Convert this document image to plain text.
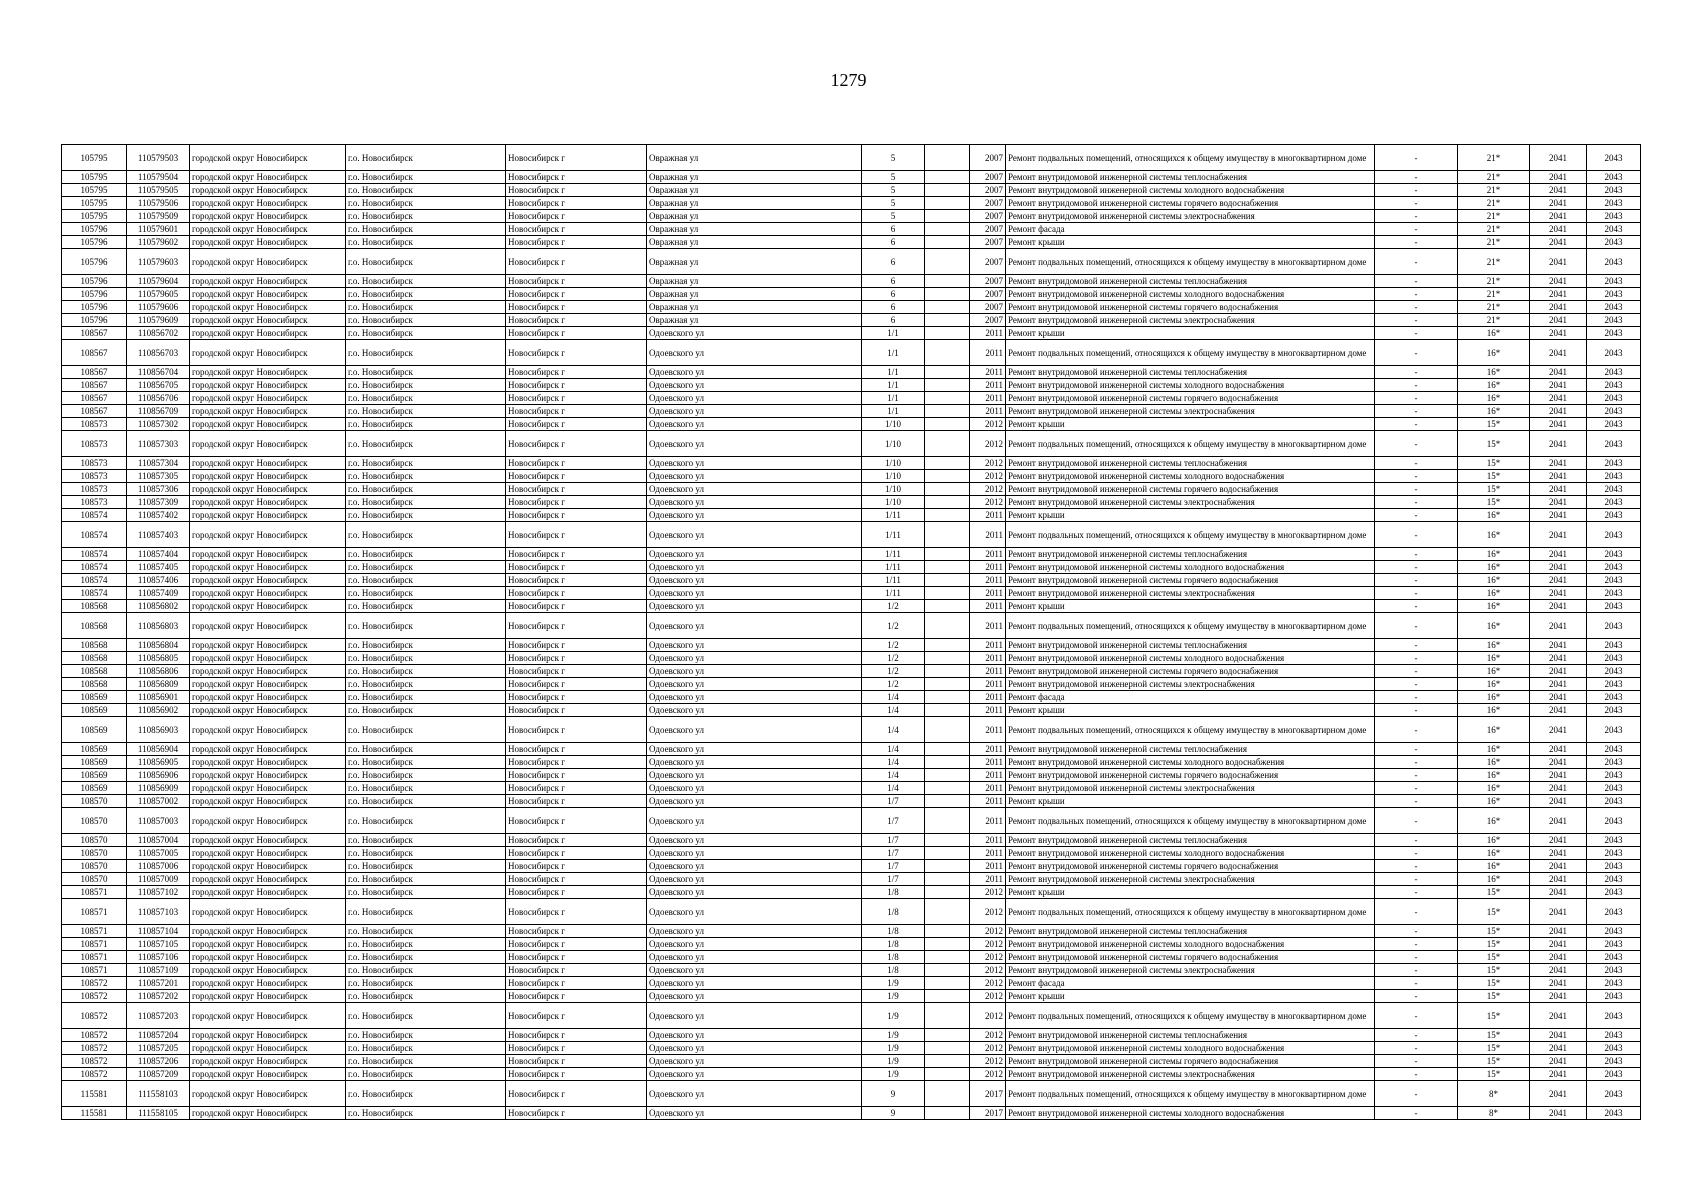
1279
105795	110579503	городской округ Новосибирск	г.о. Новосибирск	Новосибирск г	Овражная ул	5		2007	Ремонт подвальных помещений, относящихся к общему имуществу в многоквартирном доме	-	21*	2041	2043
105795	110579504	городской округ Новосибирск	г.о. Новосибирск	Новосибирск г	Овражная ул	5		2007	Ремонт внутридомовой инженерной системы теплоснабжения	-	21*	2041	2043
105795	110579505	городской округ Новосибирск	г.о. Новосибирск	Новосибирск г	Овражная ул	5		2007	Ремонт внутридомовой инженерной системы холодного водоснабжения	-	21*	2041	2043
105795	110579506	городской округ Новосибирск	г.о. Новосибирск	Новосибирск г	Овражная ул	5		2007	Ремонт внутридомовой инженерной системы горячего водоснабжения	-	21*	2041	2043
105795	110579509	городской округ Новосибирск	г.о. Новосибирск	Новосибирск г	Овражная ул	5		2007	Ремонт внутридомовой инженерной системы электроснабжения	-	21*	2041	2043
105796	110579601	городской округ Новосибирск	г.о. Новосибирск	Новосибирск г	Овражная ул	6		2007	Ремонт фасада	-	21*	2041	2043
105796	110579602	городской округ Новосибирск	г.о. Новосибирск	Новосибирск г	Овражная ул	6		2007	Ремонт крыши	-	21*	2041	2043
105796	110579603	городской округ Новосибирск	г.о. Новосибирск	Новосибирск г	Овражная ул	6		2007	Ремонт подвальных помещений, относящихся к общему имуществу в многоквартирном доме	-	21*	2041	2043
105796	110579604	городской округ Новосибирск	г.о. Новосибирск	Новосибирск г	Овражная ул	6		2007	Ремонт внутридомовой инженерной системы теплоснабжения	-	21*	2041	2043
105796	110579605	городской округ Новосибирск	г.о. Новосибирск	Новосибирск г	Овражная ул	6		2007	Ремонт внутридомовой инженерной системы холодного водоснабжения	-	21*	2041	2043
105796	110579606	городской округ Новосибирск	г.о. Новосибирск	Новосибирск г	Овражная ул	6		2007	Ремонт внутридомовой инженерной системы горячего водоснабжения	-	21*	2041	2043
105796	110579609	городской округ Новосибирск	г.о. Новосибирск	Новосибирск г	Овражная ул	6		2007	Ремонт внутридомовой инженерной системы электроснабжения	-	21*	2041	2043
108567	110856702	городской округ Новосибирск	г.о. Новосибирск	Новосибирск г	Одоевского ул	1/1		2011	Ремонт крыши	-	16*	2041	2043
108567	110856703	городской округ Новосибирск	г.о. Новосибирск	Новосибирск г	Одоевского ул	1/1		2011	Ремонт подвальных помещений, относящихся к общему имуществу в многоквартирном доме	-	16*	2041	2043
108567	110856704	городской округ Новосибирск	г.о. Новосибирск	Новосибирск г	Одоевского ул	1/1		2011	Ремонт внутридомовой инженерной системы теплоснабжения	-	16*	2041	2043
108567	110856705	городской округ Новосибирск	г.о. Новосибирск	Новосибирск г	Одоевского ул	1/1		2011	Ремонт внутридомовой инженерной системы холодного водоснабжения	-	16*	2041	2043
108567	110856706	городской округ Новосибирск	г.о. Новосибирск	Новосибирск г	Одоевского ул	1/1		2011	Ремонт внутридомовой инженерной системы горячего водоснабжения	-	16*	2041	2043
108567	110856709	городской округ Новосибирск	г.о. Новосибирск	Новосибирск г	Одоевского ул	1/1		2011	Ремонт внутридомовой инженерной системы электроснабжения	-	16*	2041	2043
108573	110857302	городской округ Новосибирск	г.о. Новосибирск	Новосибирск г	Одоевского ул	1/10		2012	Ремонт крыши	-	15*	2041	2043
108573	110857303	городской округ Новосибирск	г.о. Новосибирск	Новосибирск г	Одоевского ул	1/10		2012	Ремонт подвальных помещений, относящихся к общему имуществу в многоквартирном доме	-	15*	2041	2043
108573	110857304	городской округ Новосибирск	г.о. Новосибирск	Новосибирск г	Одоевского ул	1/10		2012	Ремонт внутридомовой инженерной системы теплоснабжения	-	15*	2041	2043
108573	110857305	городской округ Новосибирск	г.о. Новосибирск	Новосибирск г	Одоевского ул	1/10		2012	Ремонт внутридомовой инженерной системы холодного водоснабжения	-	15*	2041	2043
108573	110857306	городской округ Новосибирск	г.о. Новосибирск	Новосибирск г	Одоевского ул	1/10		2012	Ремонт внутридомовой инженерной системы горячего водоснабжения	-	15*	2041	2043
108573	110857309	городской округ Новосибирск	г.о. Новосибирск	Новосибирск г	Одоевского ул	1/10		2012	Ремонт внутридомовой инженерной системы электроснабжения	-	15*	2041	2043
108574	110857402	городской округ Новосибирск	г.о. Новосибирск	Новосибирск г	Одоевского ул	1/11		2011	Ремонт крыши	-	16*	2041	2043
108574	110857403	городской округ Новосибирск	г.о. Новосибирск	Новосибирск г	Одоевского ул	1/11		2011	Ремонт подвальных помещений, относящихся к общему имуществу в многоквартирном доме	-	16*	2041	2043
108574	110857404	городской округ Новосибирск	г.о. Новосибирск	Новосибирск г	Одоевского ул	1/11		2011	Ремонт внутридомовой инженерной системы теплоснабжения	-	16*	2041	2043
108574	110857405	городской округ Новосибирск	г.о. Новосибирск	Новосибирск г	Одоевского ул	1/11		2011	Ремонт внутридомовой инженерной системы холодного водоснабжения	-	16*	2041	2043
108574	110857406	городской округ Новосибирск	г.о. Новосибирск	Новосибирск г	Одоевского ул	1/11		2011	Ремонт внутридомовой инженерной системы горячего водоснабжения	-	16*	2041	2043
108574	110857409	городской округ Новосибирск	г.о. Новосибирск	Новосибирск г	Одоевского ул	1/11		2011	Ремонт внутридомовой инженерной системы электроснабжения	-	16*	2041	2043
108568	110856802	городской округ Новосибирск	г.о. Новосибирск	Новосибирск г	Одоевского ул	1/2		2011	Ремонт крыши	-	16*	2041	2043
108568	110856803	городской округ Новосибирск	г.о. Новосибирск	Новосибирск г	Одоевского ул	1/2		2011	Ремонт подвальных помещений, относящихся к общему имуществу в многоквартирном доме	-	16*	2041	2043
108568	110856804	городской округ Новосибирск	г.о. Новосибирск	Новосибирск г	Одоевского ул	1/2		2011	Ремонт внутридомовой инженерной системы теплоснабжения	-	16*	2041	2043
108568	110856805	городской округ Новосибирск	г.о. Новосибирск	Новосибирск г	Одоевского ул	1/2		2011	Ремонт внутридомовой инженерной системы холодного водоснабжения	-	16*	2041	2043
108568	110856806	городской округ Новосибирск	г.о. Новосибирск	Новосибирск г	Одоевского ул	1/2		2011	Ремонт внутридомовой инженерной системы горячего водоснабжения	-	16*	2041	2043
108568	110856809	городской округ Новосибирск	г.о. Новосибирск	Новосибирск г	Одоевского ул	1/2		2011	Ремонт внутридомовой инженерной системы электроснабжения	-	16*	2041	2043
108569	110856901	городской округ Новосибирск	г.о. Новосибирск	Новосибирск г	Одоевского ул	1/4		2011	Ремонт фасада	-	16*	2041	2043
108569	110856902	городской округ Новосибирск	г.о. Новосибирск	Новосибирск г	Одоевского ул	1/4		2011	Ремонт крыши	-	16*	2041	2043
108569	110856903	городской округ Новосибирск	г.о. Новосибирск	Новосибирск г	Одоевского ул	1/4		2011	Ремонт подвальных помещений, относящихся к общему имуществу в многоквартирном доме	-	16*	2041	2043
108569	110856904	городской округ Новосибирск	г.о. Новосибирск	Новосибирск г	Одоевского ул	1/4		2011	Ремонт внутридомовой инженерной системы теплоснабжения	-	16*	2041	2043
108569	110856905	городской округ Новосибирск	г.о. Новосибирск	Новосибирск г	Одоевского ул	1/4		2011	Ремонт внутридомовой инженерной системы холодного водоснабжения	-	16*	2041	2043
108569	110856906	городской округ Новосибирск	г.о. Новосибирск	Новосибирск г	Одоевского ул	1/4		2011	Ремонт внутридомовой инженерной системы горячего водоснабжения	-	16*	2041	2043
108569	110856909	городской округ Новосибирск	г.о. Новосибирск	Новосибирск г	Одоевского ул	1/4		2011	Ремонт внутридомовой инженерной системы электроснабжения	-	16*	2041	2043
108570	110857002	городской округ Новосибирск	г.о. Новосибирск	Новосибирск г	Одоевского ул	1/7		2011	Ремонт крыши	-	16*	2041	2043
108570	110857003	городской округ Новосибирск	г.о. Новосибирск	Новосибирск г	Одоевского ул	1/7		2011	Ремонт подвальных помещений, относящихся к общему имуществу в многоквартирном доме	-	16*	2041	2043
108570	110857004	городской округ Новосибирск	г.о. Новосибирск	Новосибирск г	Одоевского ул	1/7		2011	Ремонт внутридомовой инженерной системы теплоснабжения	-	16*	2041	2043
108570	110857005	городской округ Новосибирск	г.о. Новосибирск	Новосибирск г	Одоевского ул	1/7		2011	Ремонт внутридомовой инженерной системы холодного водоснабжения	-	16*	2041	2043
108570	110857006	городской округ Новосибирск	г.о. Новосибирск	Новосибирск г	Одоевского ул	1/7		2011	Ремонт внутридомовой инженерной системы горячего водоснабжения	-	16*	2041	2043
108570	110857009	городской округ Новосибирск	г.о. Новосибирск	Новосибирск г	Одоевского ул	1/7		2011	Ремонт внутридомовой инженерной системы электроснабжения	-	16*	2041	2043
108571	110857102	городской округ Новосибирск	г.о. Новосибирск	Новосибирск г	Одоевского ул	1/8		2012	Ремонт крыши	-	15*	2041	2043
108571	110857103	городской округ Новосибирск	г.о. Новосибирск	Новосибирск г	Одоевского ул	1/8		2012	Ремонт подвальных помещений, относящихся к общему имуществу в многоквартирном доме	-	15*	2041	2043
108571	110857104	городской округ Новосибирск	г.о. Новосибирск	Новосибирск г	Одоевского ул	1/8		2012	Ремонт внутридомовой инженерной системы теплоснабжения	-	15*	2041	2043
108571	110857105	городской округ Новосибирск	г.о. Новосибирск	Новосибирск г	Одоевского ул	1/8		2012	Ремонт внутридомовой инженерной системы холодного водоснабжения	-	15*	2041	2043
108571	110857106	городской округ Новосибирск	г.о. Новосибирск	Новосибирск г	Одоевского ул	1/8		2012	Ремонт внутридомовой инженерной системы горячего водоснабжения	-	15*	2041	2043
108571	110857109	городской округ Новосибирск	г.о. Новосибирск	Новосибирск г	Одоевского ул	1/8		2012	Ремонт внутридомовой инженерной системы электроснабжения	-	15*	2041	2043
108572	110857201	городской округ Новосибирск	г.о. Новосибирск	Новосибирск г	Одоевского ул	1/9		2012	Ремонт фасада	-	15*	2041	2043
108572	110857202	городской округ Новосибирск	г.о. Новосибирск	Новосибирск г	Одоевского ул	1/9		2012	Ремонт крыши	-	15*	2041	2043
108572	110857203	городской округ Новосибирск	г.о. Новосибирск	Новосибирск г	Одоевского ул	1/9		2012	Ремонт подвальных помещений, относящихся к общему имуществу в многоквартирном доме	-	15*	2041	2043
108572	110857204	городской округ Новосибирск	г.о. Новосибирск	Новосибирск г	Одоевского ул	1/9		2012	Ремонт внутридомовой инженерной системы теплоснабжения	-	15*	2041	2043
108572	110857205	городской округ Новосибирск	г.о. Новосибирск	Новосибирск г	Одоевского ул	1/9		2012	Ремонт внутридомовой инженерной системы холодного водоснабжения	-	15*	2041	2043
108572	110857206	городской округ Новосибирск	г.о. Новосибирск	Новосибирск г	Одоевского ул	1/9		2012	Ремонт внутридомовой инженерной системы горячего водоснабжения	-	15*	2041	2043
108572	110857209	городской округ Новосибирск	г.о. Новосибирск	Новосибирск г	Одоевского ул	1/9		2012	Ремонт внутридомовой инженерной системы электроснабжения	-	15*	2041	2043
115581	111558103	городской округ Новосибирск	г.о. Новосибирск	Новосибирск г	Одоевского ул	9		2017	Ремонт подвальных помещений, относящихся к общему имуществу в многоквартирном доме	-	8*	2041	2043
115581	111558105	городской округ Новосибирск	г.о. Новосибирск	Новосибирск г	Одоевского ул	9		2017	Ремонт внутридомовой инженерной системы холодного водоснабжения	-	8*	2041	2043
